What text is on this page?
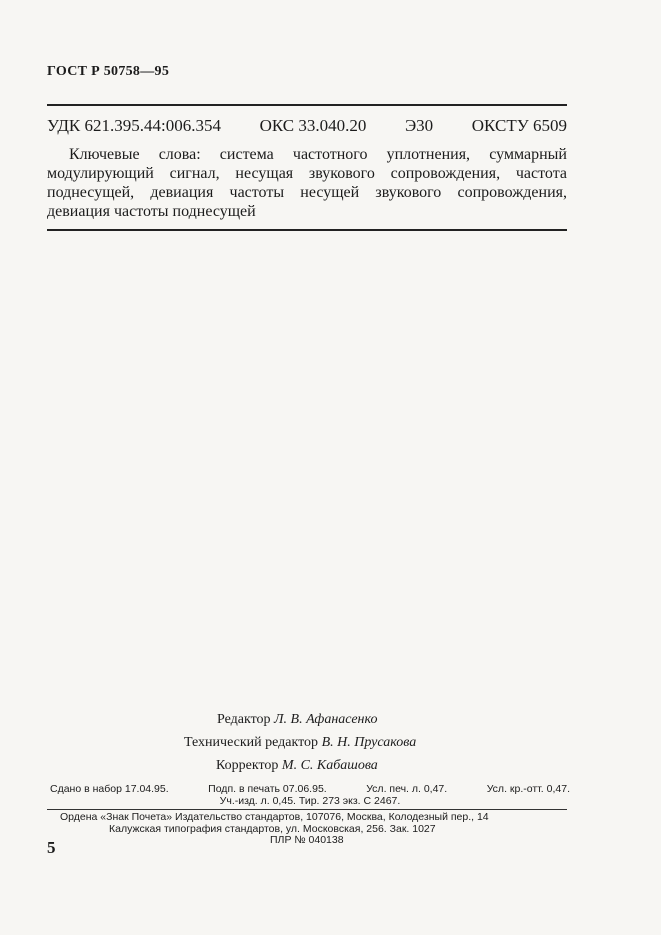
ГОСТ Р 50758—95
УДК 621.395.44:006.354 ОКС 33.040.20 Э30 ОКСТУ 6509

Ключевые слова: система частотного уплотнения, суммарный модулирующий сигнал, несущая звукового сопровождения, частота поднесущей, девиация частоты несущей звукового сопровождения, девиация частоты поднесущей

Редактор Л. В. Афанасенко
Технический редактор В. Н. Прусакова
Корректор М. С. Кабашова
Сдано в набор 17.04.95.	Подп. в печать 07.06.95.	Усл. печ. л. 0,47.	Усл. кр.-отт. 0,47.
Уч.-изд. л. 0,45. Тир. 273 экз. С 2467.
Ордена «Знак Почета» Издательство стандартов, 107076, Москва, Колодезный пер., 14
Калужская типография стандартов, ул. Московская, 256. Зак. 1027
ПЛР № 040138
5
